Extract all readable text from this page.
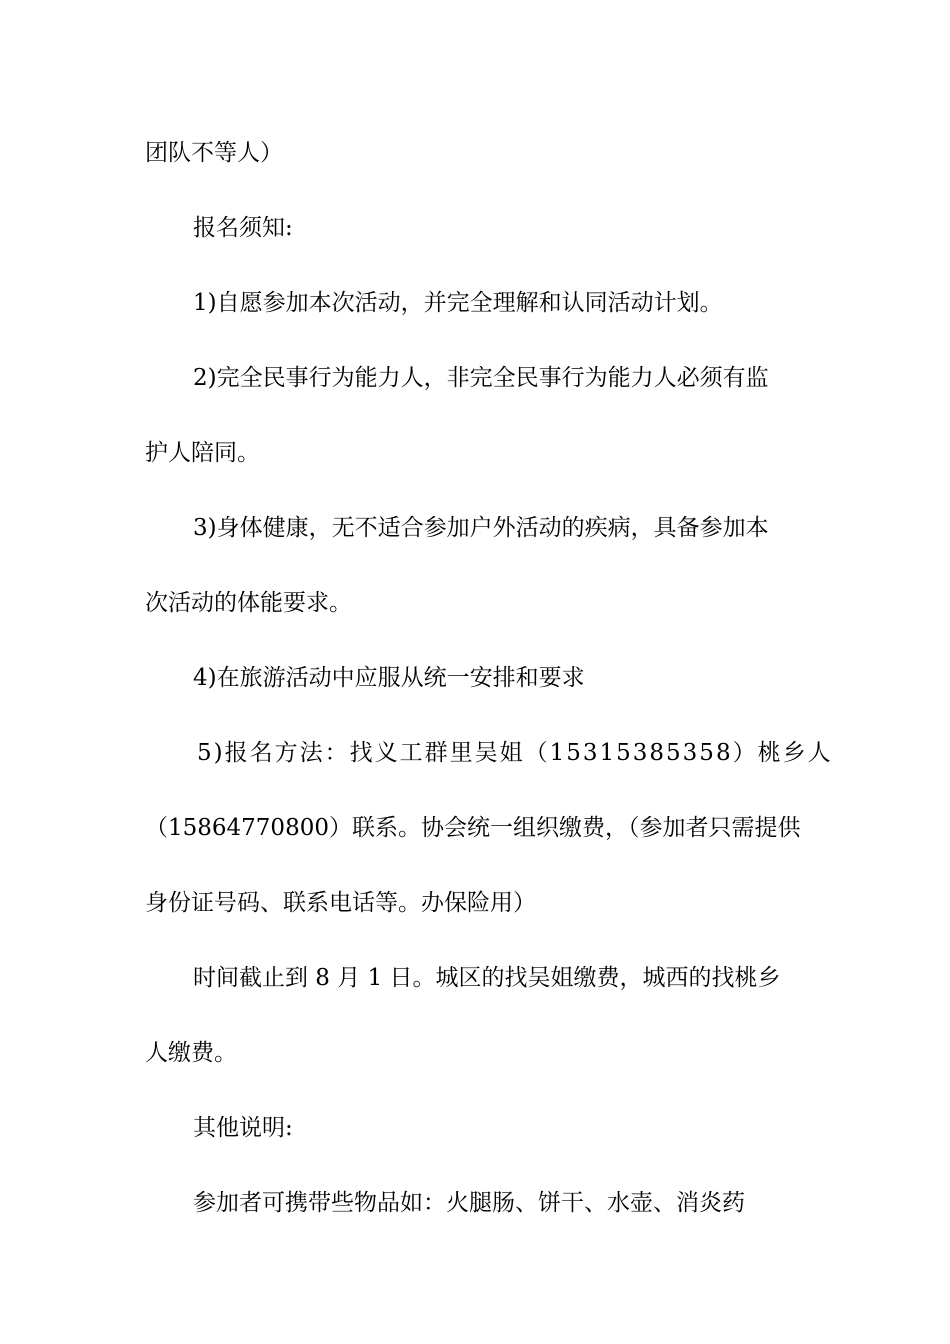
团队不等人）
报名须知:
1)自愿参加本次活动，并完全理解和认同活动计划。
2)完全民事行为能力人，非完全民事行为能力人必须有监
护人陪同。
3)身体健康，无不适合参加户外活动的疾病，具备参加本
次活动的体能要求。
4)在旅游活动中应服从统一安排和要求
5)报名方法：找义工群里吴姐（15315385358）桃乡人
（15864770800）联系。协会统一组织缴费，（参加者只需提供
身份证号码、联系电话等。办保险用）
时间截止到 8 月 1 日。城区的找吴姐缴费，城西的找桃乡
人缴费。
其他说明:
参加者可携带些物品如：火腿肠、饼干、水壶、消炎药
